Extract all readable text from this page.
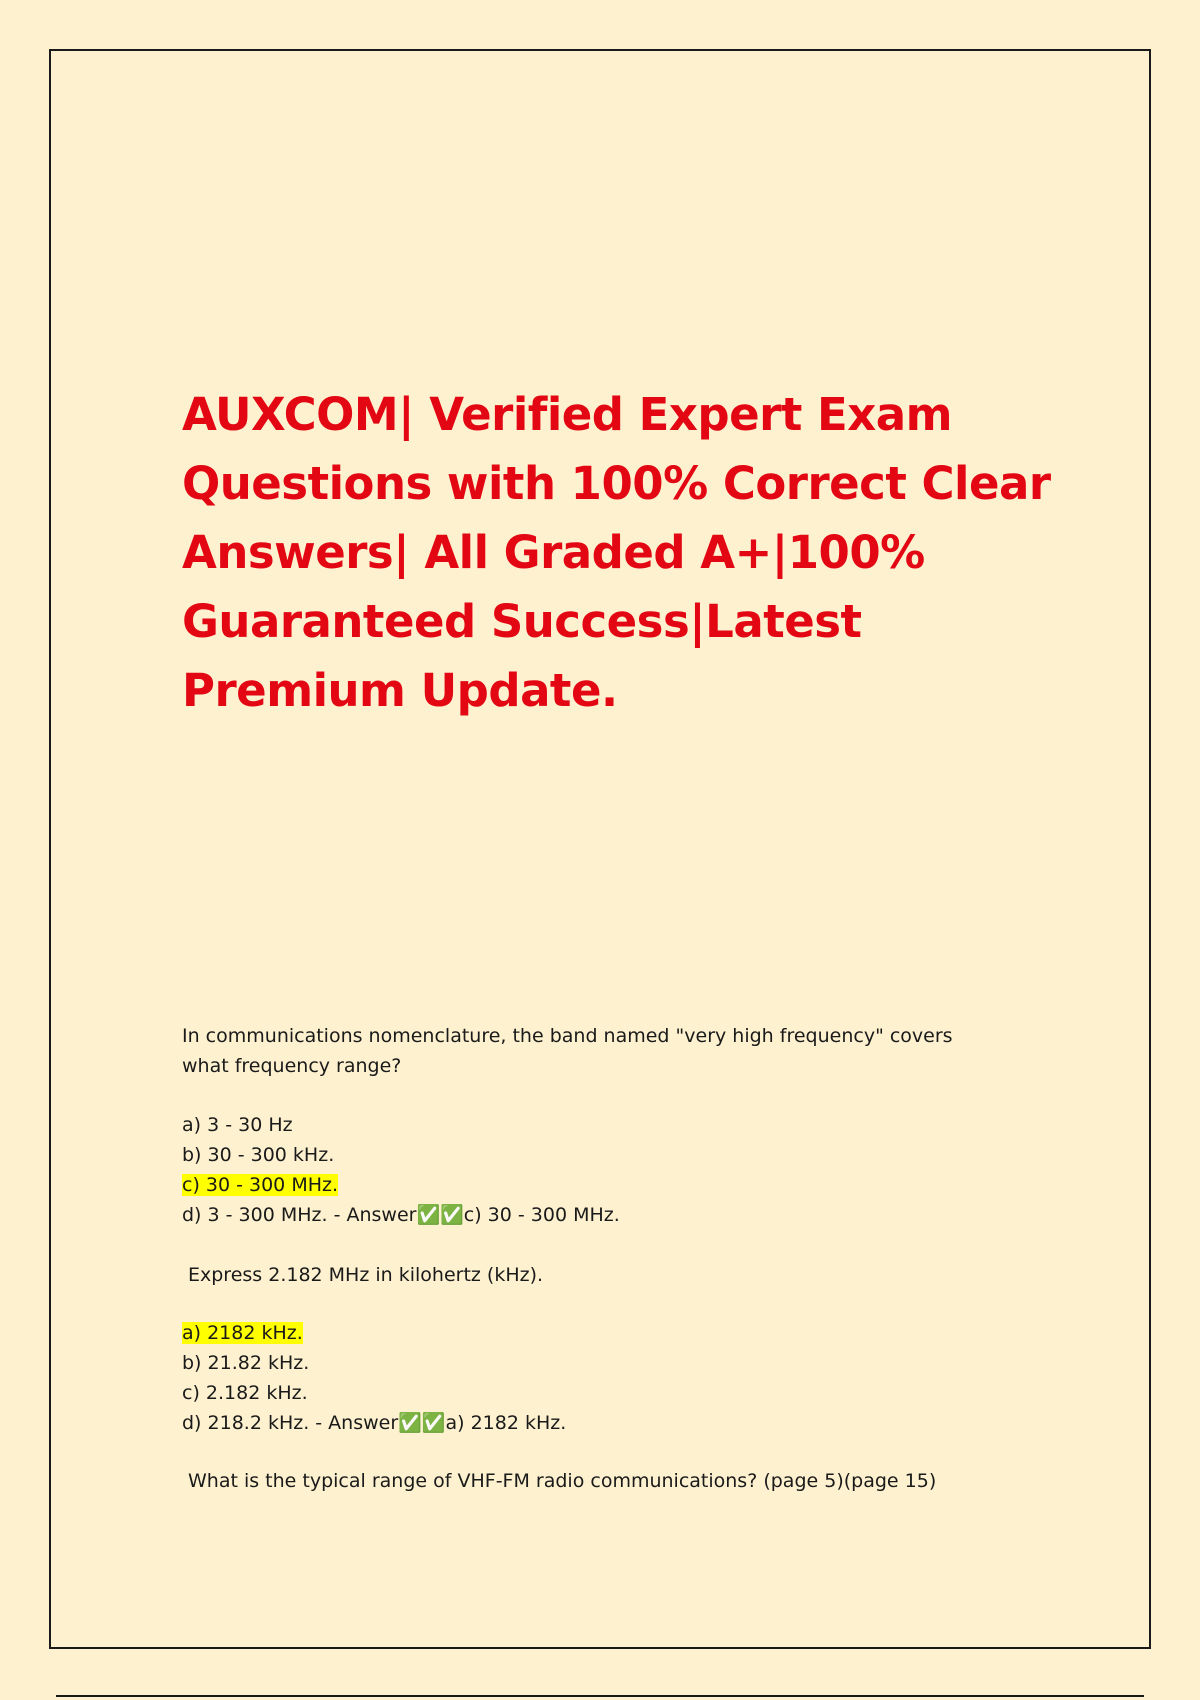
AUXCOM| Verified Expert Exam
Questions with 100% Correct Clear
Answers| All Graded A+|100%
Guaranteed Success|Latest
Premium Update.
In communications nomenclature, the band named "very high frequency" covers
what frequency range?
a) 3 - 30 Hz
b) 30 - 300 kHz.
c) 30 - 300 MHz.
d) 3 - 300 MHz. - Answer✅✅c) 30 - 300 MHz.
Express 2.182 MHz in kilohertz (kHz).
a) 2182 kHz.
b) 21.82 kHz.
c) 2.182 kHz.
d) 218.2 kHz. - Answer✅✅a) 2182 kHz.
What is the typical range of VHF-FM radio communications? (page 5)(page 15)
